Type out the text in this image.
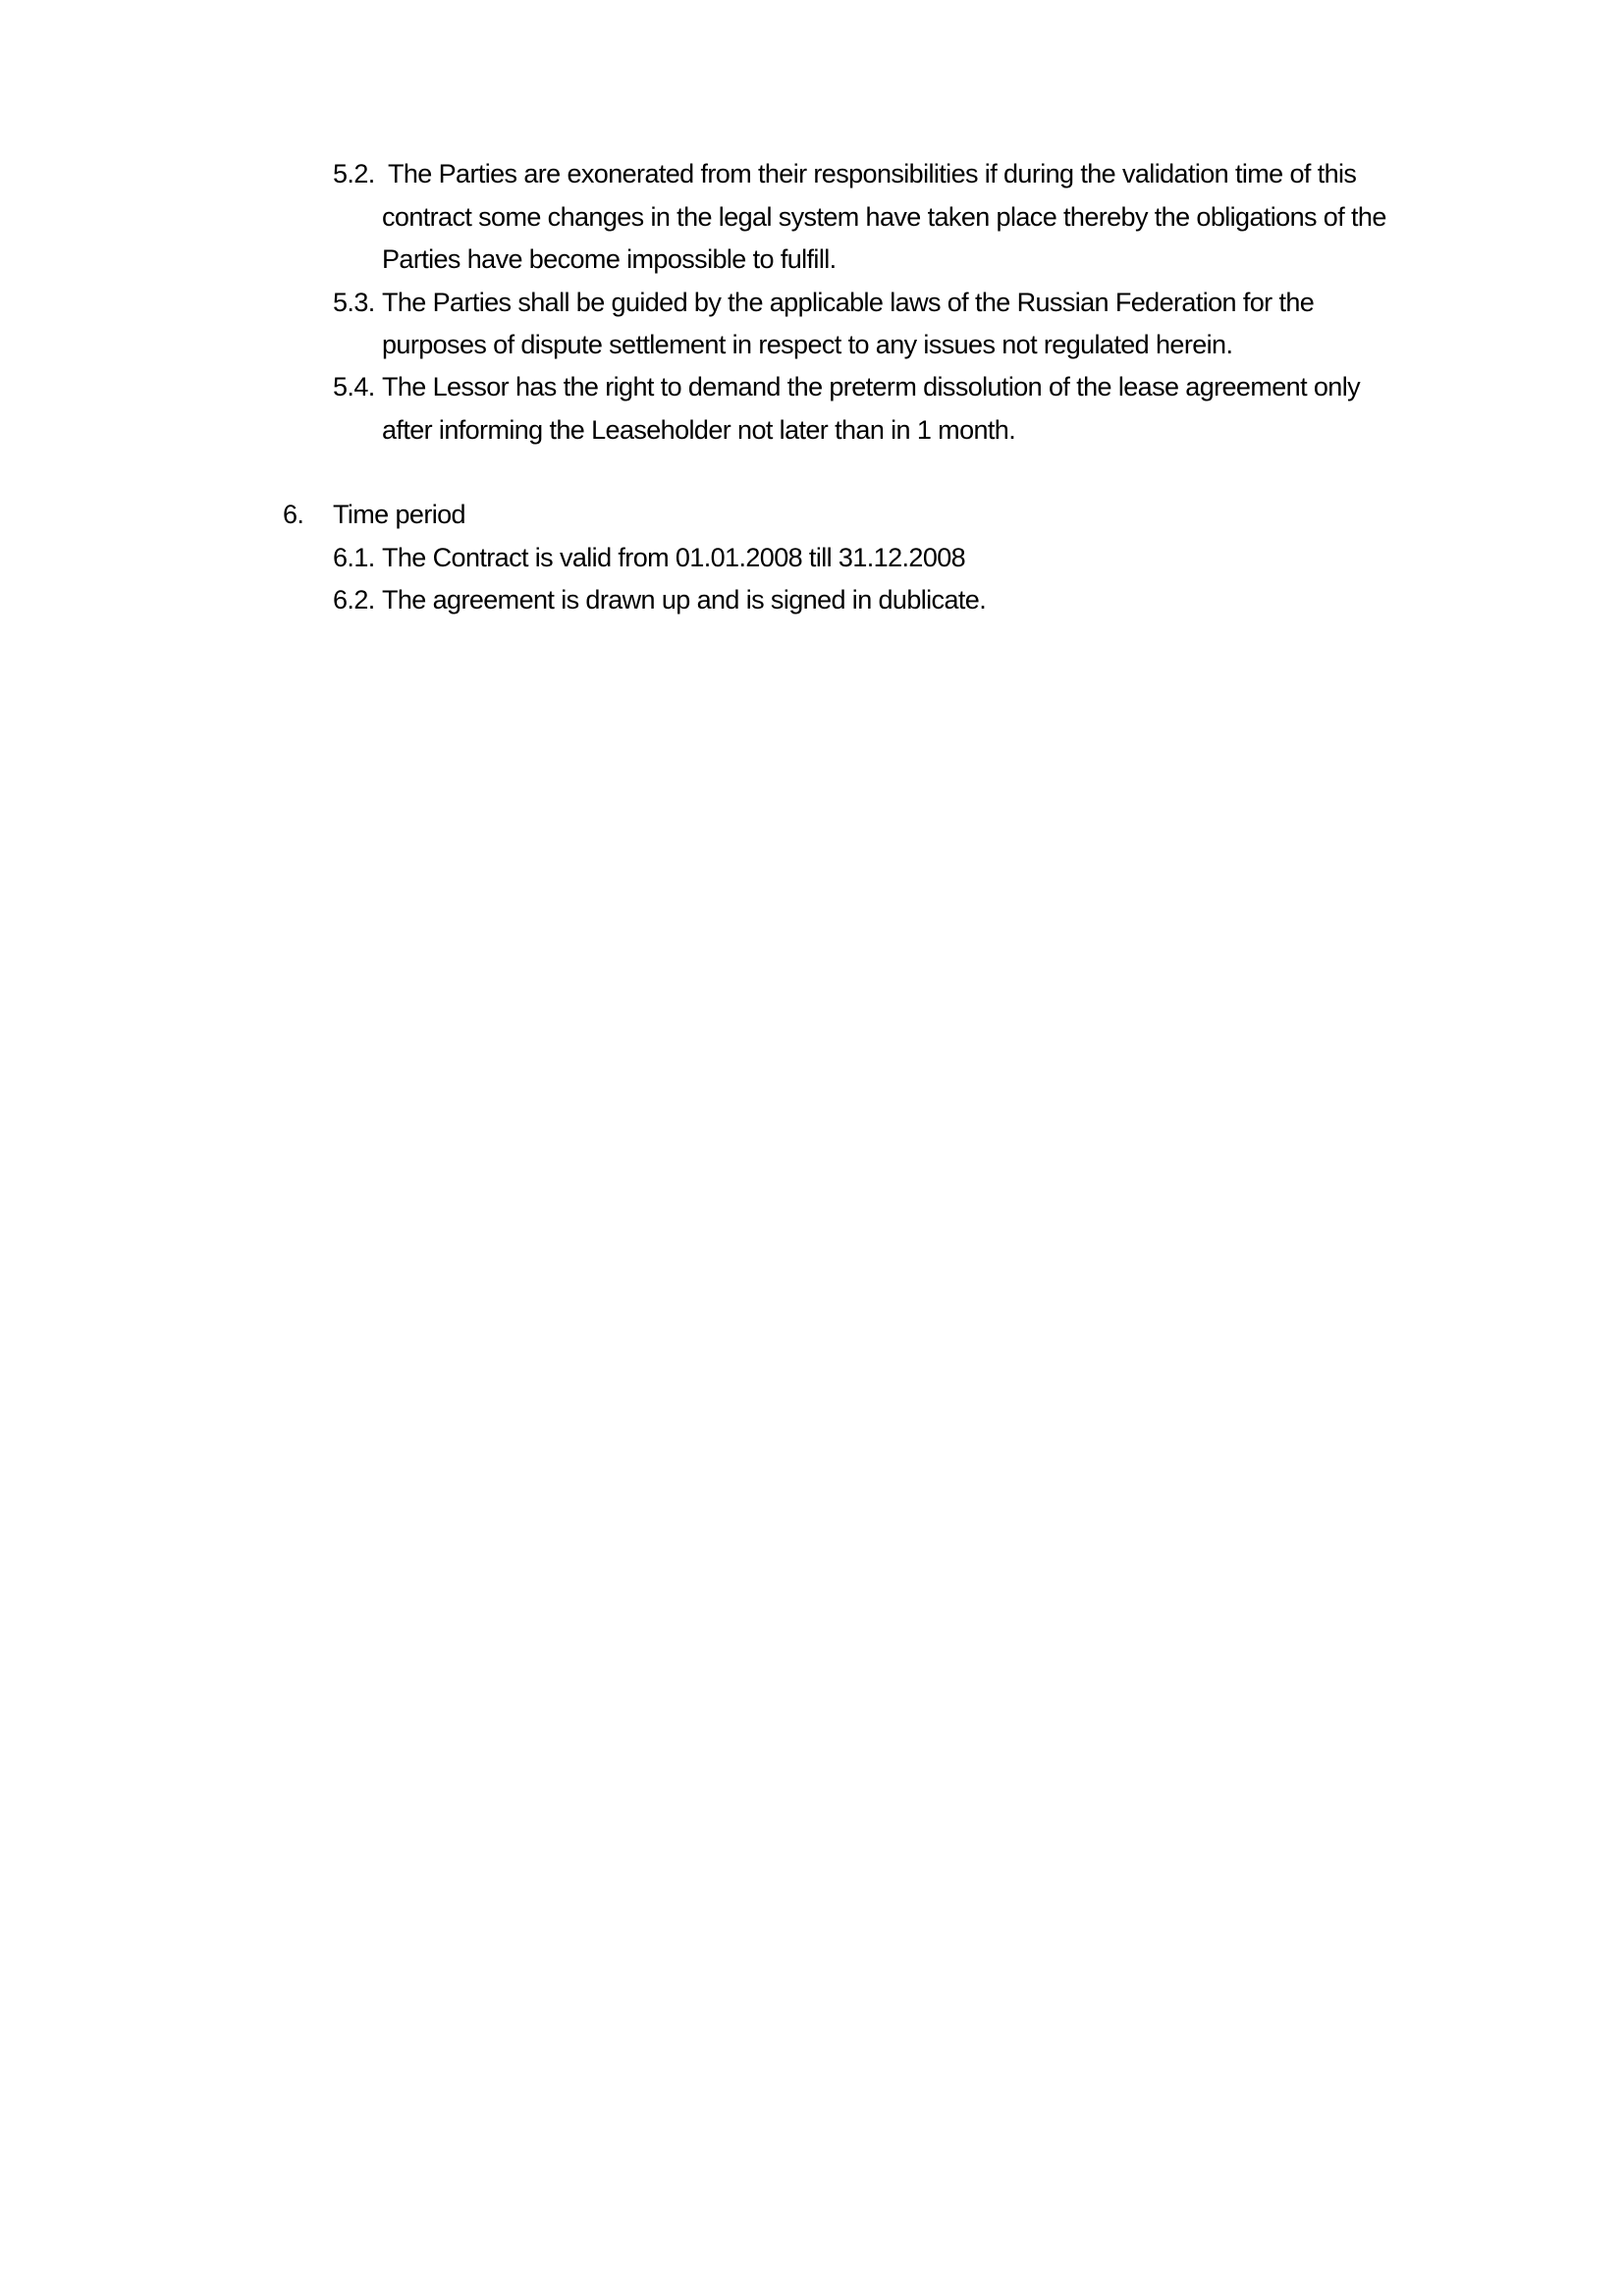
5.2. The Parties are exonerated from their responsibilities if during the validation time of this
contract some changes in the legal system have taken place thereby the obligations of the
Parties have become impossible to fulfill.
5.3. The Parties shall be guided by the applicable laws of the Russian Federation for the
purposes of dispute settlement in respect to any issues not regulated herein.
5.4. The Lessor has the right to demand the preterm dissolution of the lease agreement only
after informing the Leaseholder not later than in 1 month.
6. Time period
6.1. The Contract is valid from 01.01.2008 till 31.12.2008
6.2. The agreement is drawn up and is signed in dublicate.
